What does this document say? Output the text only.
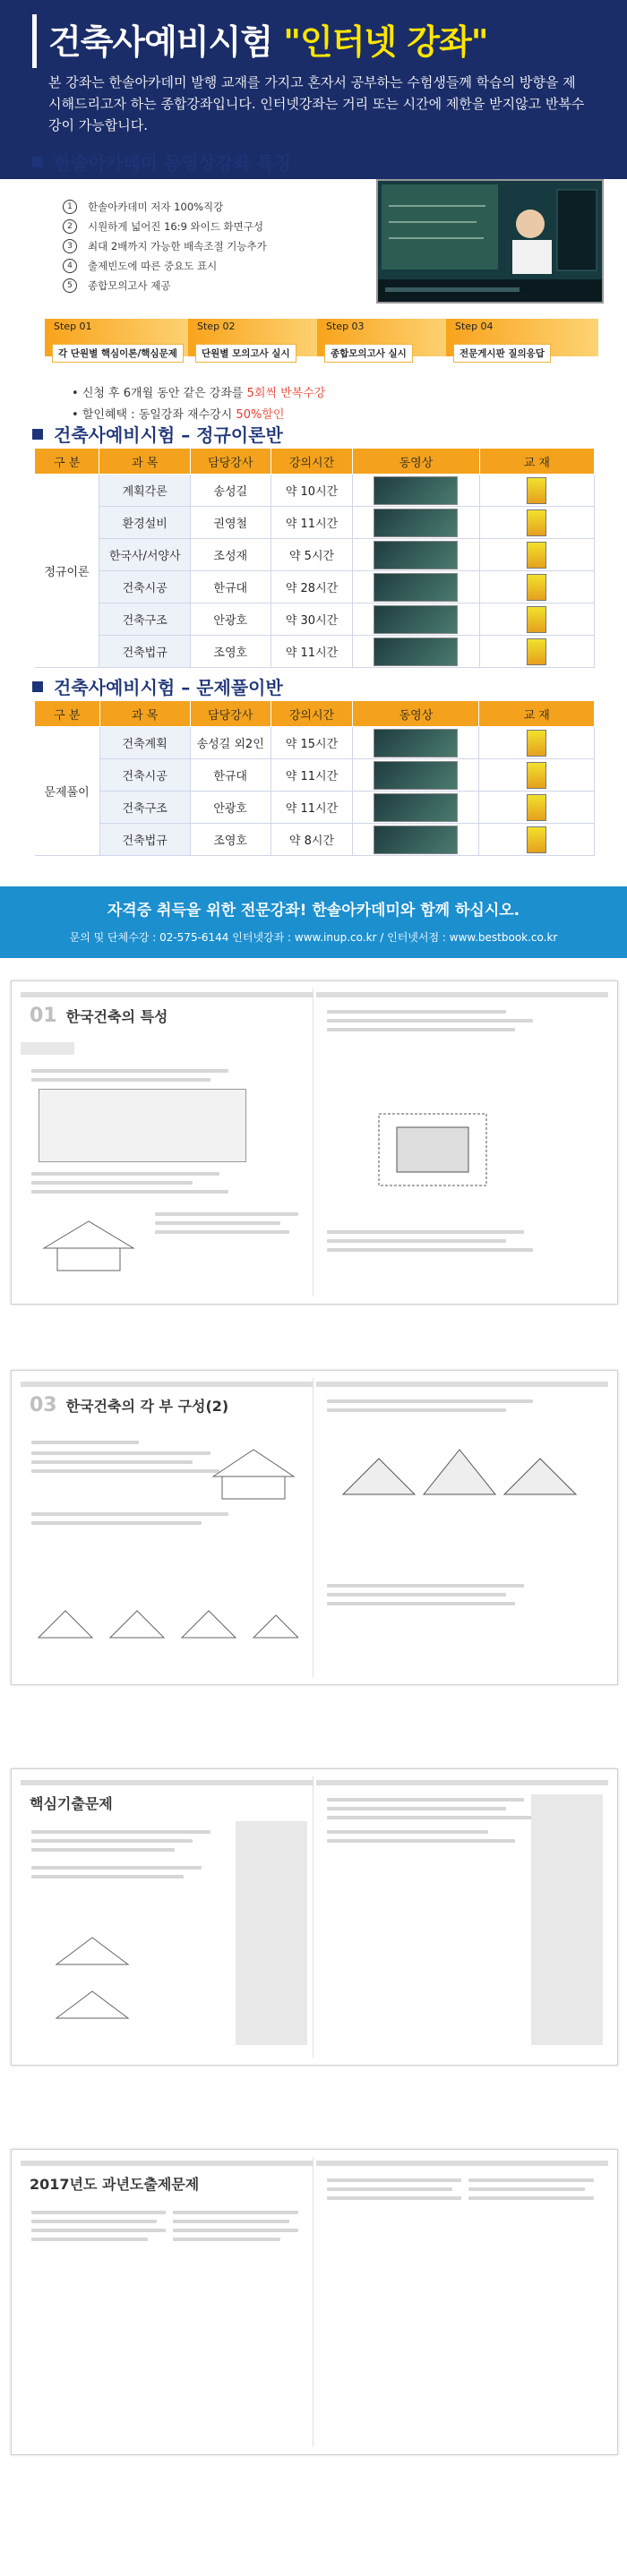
건축사예비시험 "인터넷 강좌"
본 강좌는 한솔아카데미 발행 교재를 가지고 혼자서 공부하는 수험생들께 학습의 방향을 제시해드리고자 하는 종합강좌입니다. 인터넷강좌는 거리 또는 시간에 제한을 받지않고 반복수강이 가능합니다.
한솔아카데미 동영상강좌 특징
1	한솔아카데미 저자 100%직강
2	시원하게 넓어진 16:9 와이드 화면구성
3	최대 2배까지 가능한 배속조절 기능추가
4	출제빈도에 따른 중요도 표시
5	종합모의고사 제공
Step 01
각 단원별 핵심이론/핵심문제
Step 02
단원별 모의고사 실시
Step 03
종합모의고사 실시
Step 04
전문게시판 질의응답
• 신청 후 6개월 동안 같은 강좌를 5회씩 반복수강
• 할인혜택 : 동일강좌 재수강시 50%할인
건축사예비시험 – 정규이론반
구 분	과 목	담당강사	강의시간	동영상	교 재
정규이론	계획각론	송성길	약 10시간		
	환경설비	권영철	약 11시간		
	한국사/서양사	조성재	약 5시간		
	건축시공	한규대	약 28시간		
	건축구조	안광호	약 30시간		
	건축법규	조영호	약 11시간		
건축사예비시험 – 문제풀이반
구 분	과 목	담당강사	강의시간	동영상	교 재
문제풀이	건축계획	송성길 외2인	약 15시간		
	건축시공	한규대	약 11시간		
	건축구조	안광호	약 11시간		
	건축법규	조영호	약 8시간		
자격증 취득을 위한 전문강좌! 한솔아카데미와 함께 하십시오.
문의 및 단체수강 : 02-575-6144 인터넷강좌 : www.inup.co.kr / 인터넷서점 : www.bestbook.co.kr
01 한국건축의 특성
03 한국건축의 각 부 구성(2)
핵심기출문제
2017년도 과년도출제문제
